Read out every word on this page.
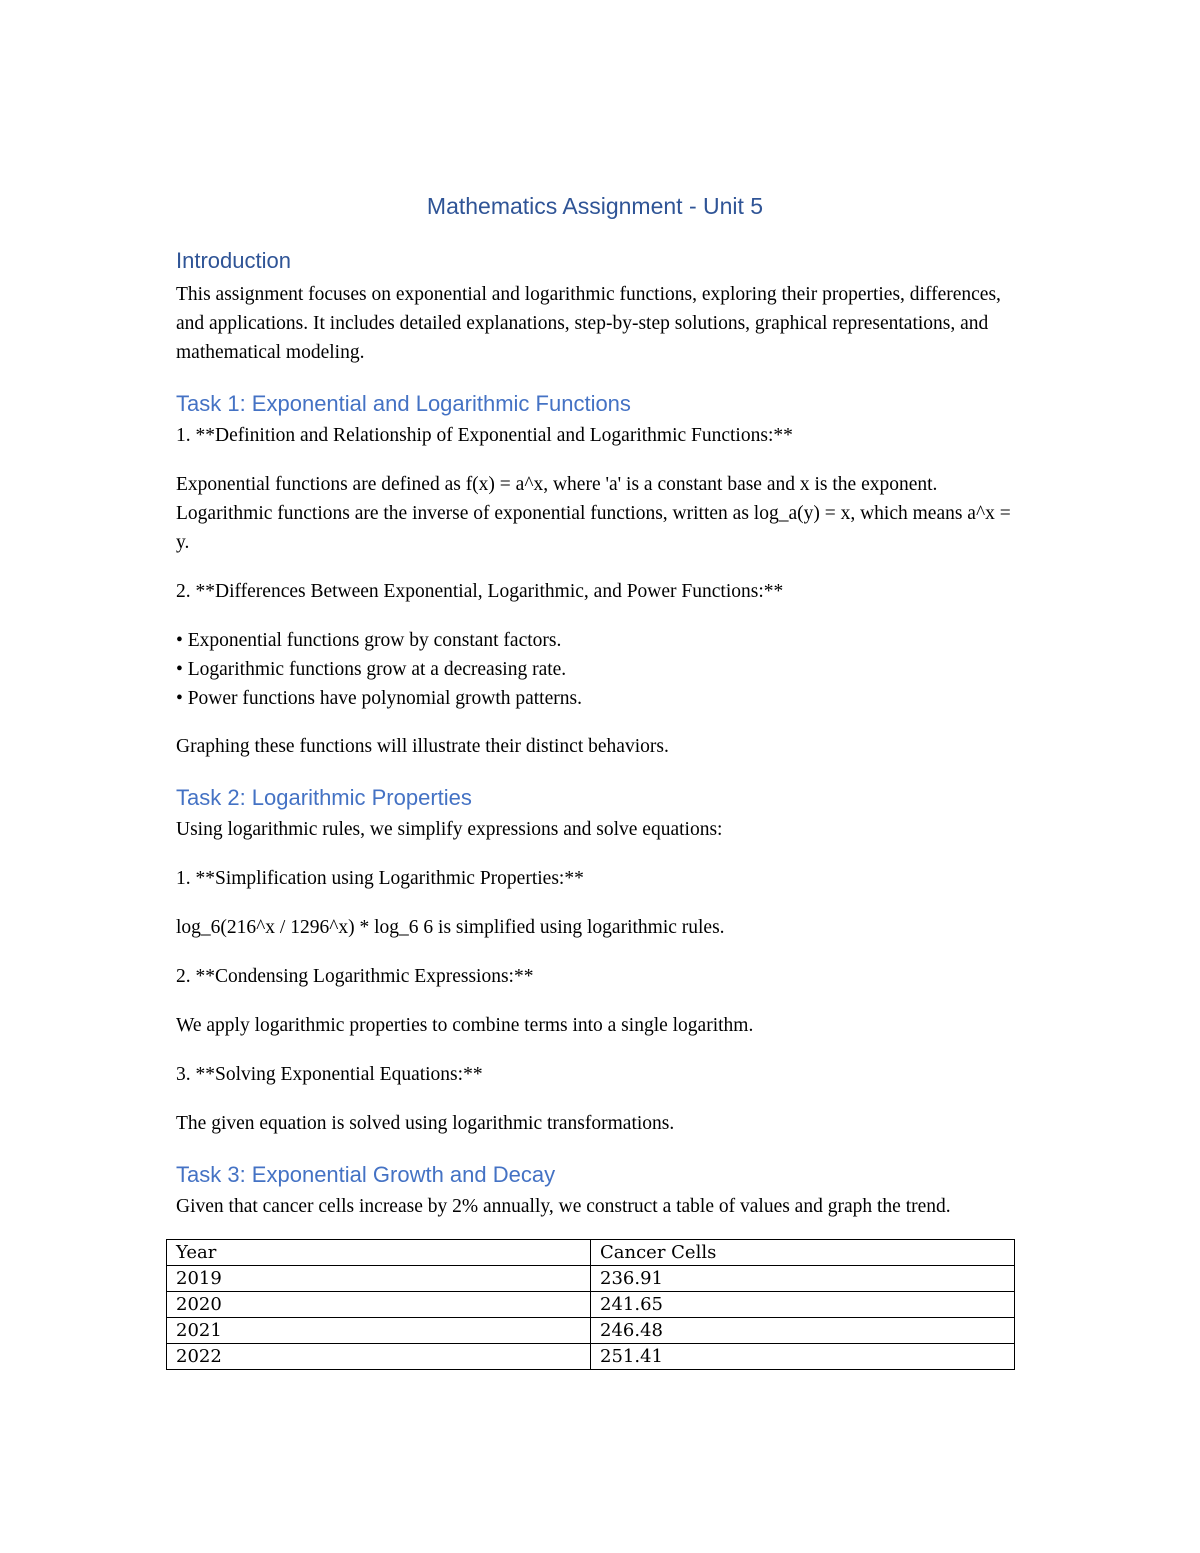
Mathematics Assignment - Unit 5
Introduction

This assignment focuses on exponential and logarithmic functions, exploring their properties, differences, and applications. It includes detailed explanations, step-by-step solutions, graphical representations, and mathematical modeling.

Task 1: Exponential and Logarithmic Functions

1. **Definition and Relationship of Exponential and Logarithmic Functions:**

Exponential functions are defined as f(x) = a^x, where 'a' is a constant base and x is the exponent. Logarithmic functions are the inverse of exponential functions, written as log_a(y) = x, which means a^x = y.

2. **Differences Between Exponential, Logarithmic, and Power Functions:**

• Exponential functions grow by constant factors.
• Logarithmic functions grow at a decreasing rate.
• Power functions have polynomial growth patterns.

Graphing these functions will illustrate their distinct behaviors.

Task 2: Logarithmic Properties

Using logarithmic rules, we simplify expressions and solve equations:

1. **Simplification using Logarithmic Properties:**

log_6(216^x / 1296^x) * log_6 6 is simplified using logarithmic rules.

2. **Condensing Logarithmic Expressions:**

We apply logarithmic properties to combine terms into a single logarithm.

3. **Solving Exponential Equations:**

The given equation is solved using logarithmic transformations.

Task 3: Exponential Growth and Decay

Given that cancer cells increase by 2% annually, we construct a table of values and graph the trend.

Year	Cancer Cells
2019	236.91
2020	241.65
2021	246.48
2022	251.41
